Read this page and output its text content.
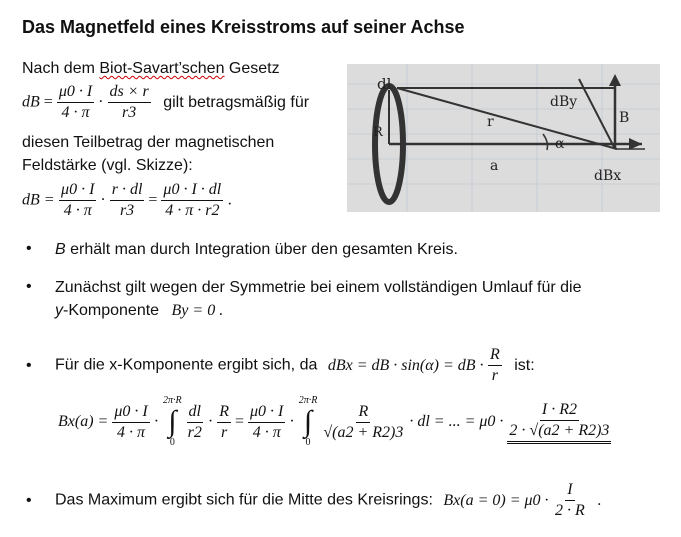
Das Magnetfeld eines Kreisstroms auf seiner Achse
Nach dem Biot-Savart’schen Gesetz
dB = $\frac{\mu 0 \cdot I}{4 \cdot \pi} \cdot \frac{ds \times r}{r3}$ gilt betragsmäßig für
diesen Teilbetrag der magnetischen
Feldstärke (vgl. Skizze):
dB = $\frac{\mu 0 \cdot I}{4 \cdot \pi} \cdot \frac{r \cdot dl}{r3} = \frac{\mu 0 \cdot I \cdot dl}{4 \cdot \pi \cdot r2}$ .
dl
R
r
α
a
dBy
B
dBx
• B erhält man durch Integration über den gesamten Kreis.
• Zunächst gilt wegen der Symmetrie bei einem vollständigen Umlauf für die
y-Komponente By = 0 .
• Für die x-Komponente ergibt sich, da dBx = dB · sin(α) = dB · $\frac{R}{r}$ ist:
$Bx(a) = \frac{\mu 0 \cdot I}{4 \cdot \pi}$ ·
2π·R
∫
$0 \frac{dl}{r2} \cdot \frac{R}{r} = \frac{\mu 0 \cdot I}{4 \cdot \pi}$ ·
2π·R
∫
$0 \frac{R}{√(a2 + R2)3}$ · dl = ... = $\mu 0 \cdot \frac{I \cdot R2}{2 \cdot √(a2 + R2)3}$
• Das Maximum ergibt sich für die Mitte des Kreisrings: $Bx(a = 0) = \mu 0 \cdot \frac{I}{2 \cdot R}$ .
